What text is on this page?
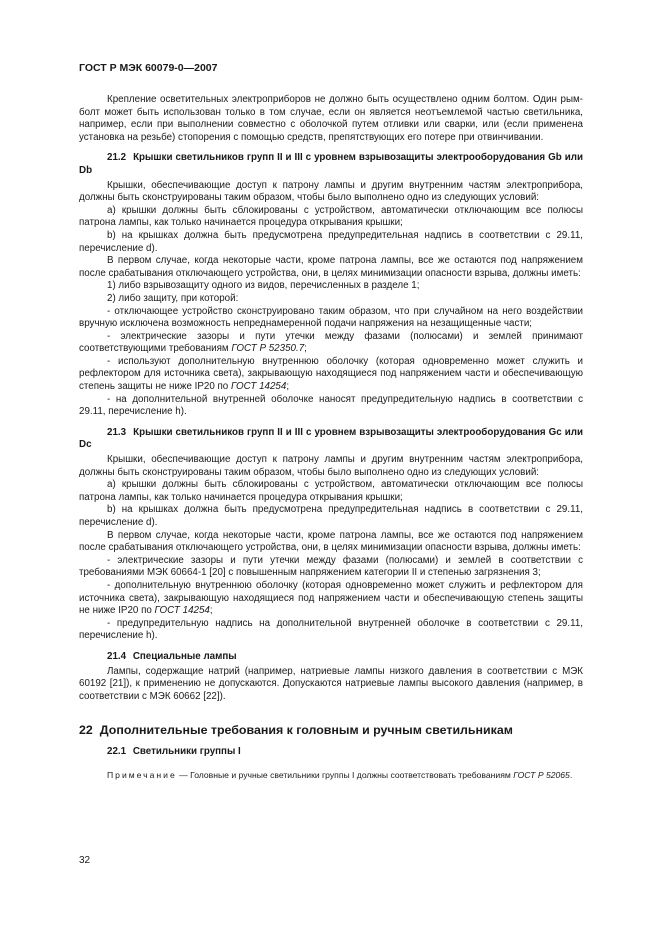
ГОСТ Р МЭК 60079-0—2007

Крепление осветительных электроприборов не должно быть осуществлено одним болтом. Один рым-болт может быть использован только в том случае, если он является неотъемлемой частью светильника, например, если при выполнении совместно с оболочкой путем отливки или сварки, или (если применена установка на резьбе) стопорения с помощью средств, препятствующих его потере при отвинчивании.

21.2 Крышки светильников групп II и III с уровнем взрывозащиты электрооборудования Gb или Db

Крышки, обеспечивающие доступ к патрону лампы и другим внутренним частям электроприбора, должны быть сконструированы таким образом, чтобы было выполнено одно из следующих условий:

а) крышки должны быть сблокированы с устройством, автоматически отключающим все полюсы патрона лампы, как только начинается процедура открывания крышки;

b) на крышках должна быть предусмотрена предупредительная надпись в соответствии с 29.11, перечисление d).

В первом случае, когда некоторые части, кроме патрона лампы, все же остаются под напряжением после срабатывания отключающего устройства, они, в целях минимизации опасности взрыва, должны иметь:

1) либо взрывозащиту одного из видов, перечисленных в разделе 1;

2) либо защиту, при которой:

- отключающее устройство сконструировано таким образом, что при случайном на него воздействии вручную исключена возможность непреднамеренной подачи напряжения на незащищенные части;

- электрические зазоры и пути утечки между фазами (полюсами) и землей принимают соответствующими требованиям ГОСТ Р 52350.7;

- используют дополнительную внутреннюю оболочку (которая одновременно может служить и рефлектором для источника света), закрывающую находящиеся под напряжением части и обеспечивающую степень защиты не ниже IP20 по ГОСТ 14254;

- на дополнительной внутренней оболочке наносят предупредительную надпись в соответствии с 29.11, перечисление h).

21.3 Крышки светильников групп II и III с уровнем взрывозащиты электрооборудования Gc или Dc

Крышки, обеспечивающие доступ к патрону лампы и другим внутренним частям электроприбора, должны быть сконструированы таким образом, чтобы было выполнено одно из следующих условий:

а) крышки должны быть сблокированы с устройством, автоматически отключающим все полюсы патрона лампы, как только начинается процедура открывания крышки;

b) на крышках должна быть предусмотрена предупредительная надпись в соответствии с 29.11, перечисление d).

В первом случае, когда некоторые части, кроме патрона лампы, все же остаются под напряжением после срабатывания отключающего устройства, они, в целях минимизации опасности взрыва, должны иметь:

- электрические зазоры и пути утечки между фазами (полюсами) и землей в соответствии с требованиями МЭК 60664-1 [20] с повышенным напряжением категории II и степенью загрязнения 3;

- дополнительную внутреннюю оболочку (которая одновременно может служить и рефлектором для источника света), закрывающую находящиеся под напряжением части и обеспечивающую степень защиты не ниже IP20 по ГОСТ 14254;

- предупредительную надпись на дополнительной внутренней оболочке в соответствии с 29.11, перечисление h).

21.4 Специальные лампы

Лампы, содержащие натрий (например, натриевые лампы низкого давления в соответствии с МЭК 60192 [21]), к применению не допускаются. Допускаются натриевые лампы высокого давления (например, в соответствии с МЭК 60662 [22]).

22 Дополнительные требования к головным и ручным светильникам

22.1 Светильники группы I

Примечание — Головные и ручные светильники группы I должны соответствовать требованиям ГОСТ Р 52065.

32
